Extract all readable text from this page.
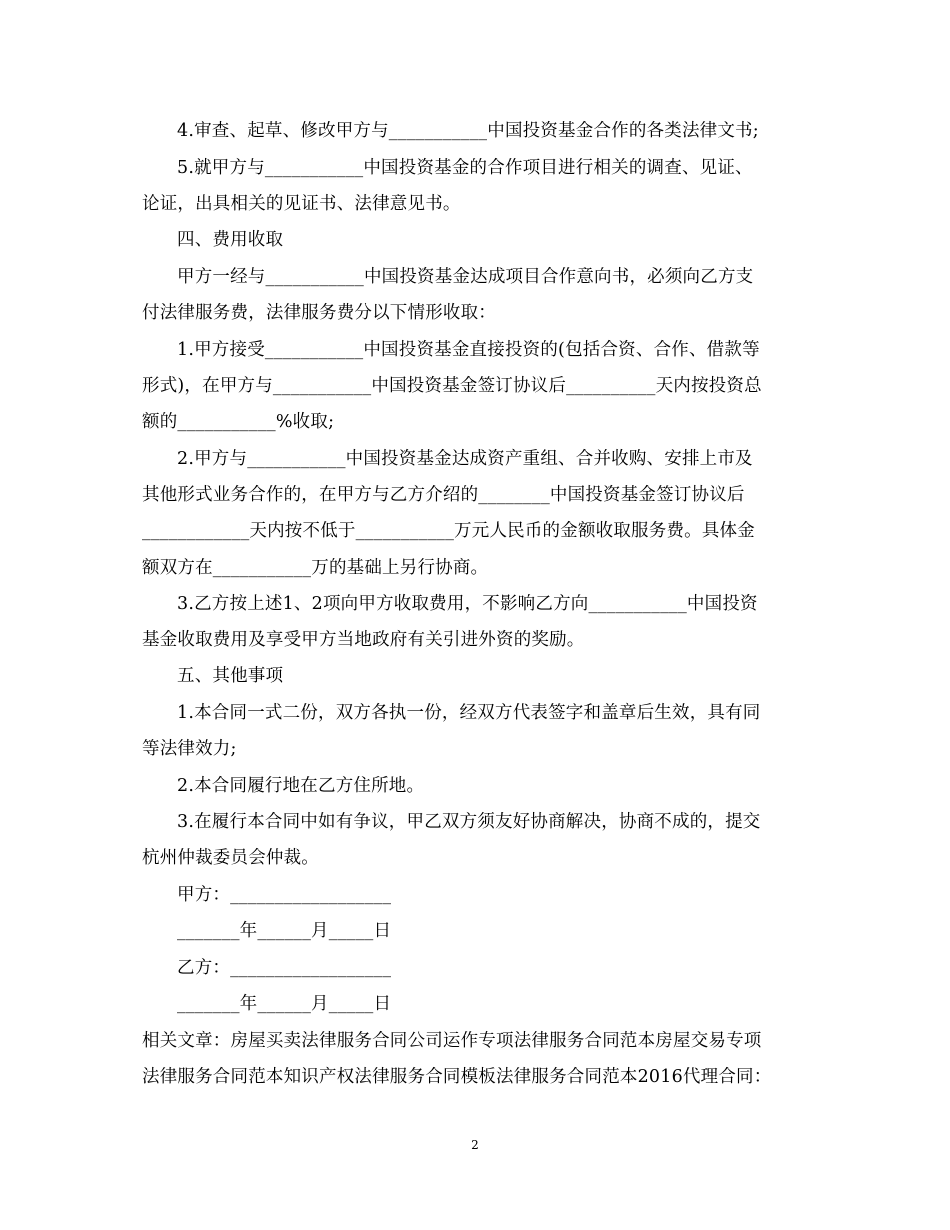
4.审查、起草、修改甲方与___________中国投资基金合作的各类法律文书;
5.就甲方与___________中国投资基金的合作项目进行相关的调查、见证、
论证，出具相关的见证书、法律意见书。
四、费用收取
甲方一经与___________中国投资基金达成项目合作意向书，必须向乙方支
付法律服务费，法律服务费分以下情形收取：
1.甲方接受___________中国投资基金直接投资的(包括合资、合作、借款等
形式)，在甲方与___________中国投资基金签订协议后__________天内按投资总
额的___________%收取;
2.甲方与___________中国投资基金达成资产重组、合并收购、安排上市及
其他形式业务合作的，在甲方与乙方介绍的________中国投资基金签订协议后
____________天内按不低于___________万元人民币的金额收取服务费。具体金
额双方在___________万的基础上另行协商。
3.乙方按上述1、2项向甲方收取费用，不影响乙方向___________中国投资
基金收取费用及享受甲方当地政府有关引进外资的奖励。
五、其他事项
1.本合同一式二份，双方各执一份，经双方代表签字和盖章后生效，具有同
等法律效力;
2.本合同履行地在乙方住所地。
3.在履行本合同中如有争议，甲乙双方须友好协商解决，协商不成的，提交
杭州仲裁委员会仲裁。
甲方：__________________
_______年______月_____日
乙方：__________________
_______年______月_____日
相关文章：房屋买卖法律服务合同公司运作专项法律服务合同范本房屋交易专项
法律服务合同范本知识产权法律服务合同模板法律服务合同范本2016代理合同：
2
